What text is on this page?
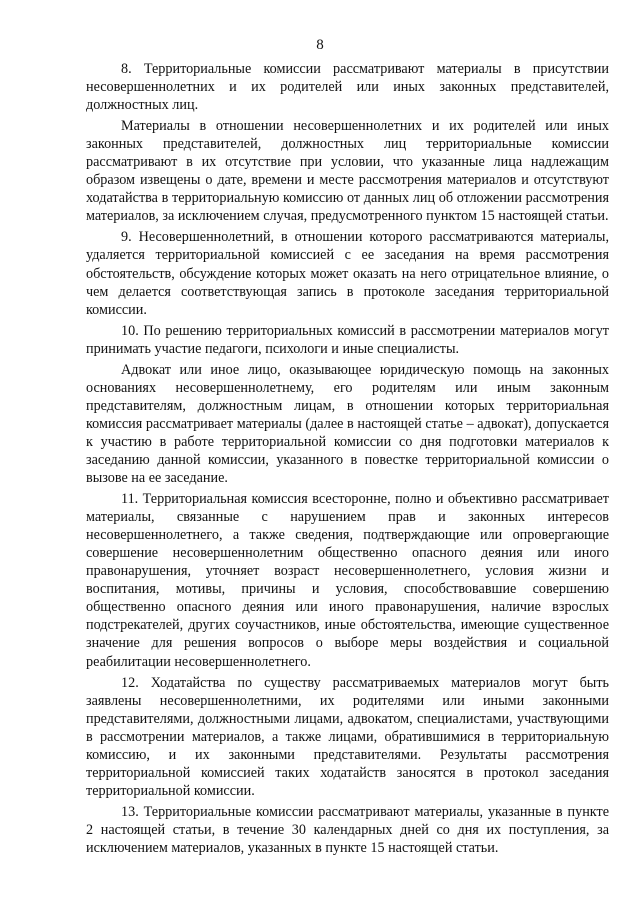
8

8. Территориальные комиссии рассматривают материалы в присутствии несовершеннолетних и их родителей или иных законных представителей, должностных лиц.

Материалы в отношении несовершеннолетних и их родителей или иных законных представителей, должностных лиц территориальные комиссии рассматривают в их отсутствие при условии, что указанные лица надлежащим образом извещены о дате, времени и месте рассмотрения материалов и отсутствуют ходатайства в территориальную комиссию от данных лиц об отложении рассмотрения материалов, за исключением случая, предусмотренного пунктом 15 настоящей статьи.

9. Несовершеннолетний, в отношении которого рассматриваются материалы, удаляется территориальной комиссией с ее заседания на время рассмотрения обстоятельств, обсуждение которых может оказать на него отрицательное влияние, о чем делается соответствующая запись в протоколе заседания территориальной комиссии.

10. По решению территориальных комиссий в рассмотрении материалов могут принимать участие педагоги, психологи и иные специалисты.

Адвокат или иное лицо, оказывающее юридическую помощь на законных основаниях несовершеннолетнему, его родителям или иным законным представителям, должностным лицам, в отношении которых территориальная комиссия рассматривает материалы (далее в настоящей статье – адвокат), допускается к участию в работе территориальной комиссии со дня подготовки материалов к заседанию данной комиссии, указанного в повестке территориальной комиссии о вызове на ее заседание.

11. Территориальная комиссия всесторонне, полно и объективно рассматривает материалы, связанные с нарушением прав и законных интересов несовершеннолетнего, а также сведения, подтверждающие или опровергающие совершение несовершеннолетним общественно опасного деяния или иного правонарушения, уточняет возраст несовершеннолетнего, условия жизни и воспитания, мотивы, причины и условия, способствовавшие совершению общественно опасного деяния или иного правонарушения, наличие взрослых подстрекателей, других соучастников, иные обстоятельства, имеющие существенное значение для решения вопросов о выборе меры воздействия и социальной реабилитации несовершеннолетнего.

12. Ходатайства по существу рассматриваемых материалов могут быть заявлены несовершеннолетними, их родителями или иными законными представителями, должностными лицами, адвокатом, специалистами, участвующими в рассмотрении материалов, а также лицами, обратившимися в территориальную комиссию, и их законными представителями. Результаты рассмотрения территориальной комиссией таких ходатайств заносятся в протокол заседания территориальной комиссии.

13. Территориальные комиссии рассматривают материалы, указанные в пункте 2 настоящей статьи, в течение 30 календарных дней со дня их поступления, за исключением материалов, указанных в пункте 15 настоящей статьи.
